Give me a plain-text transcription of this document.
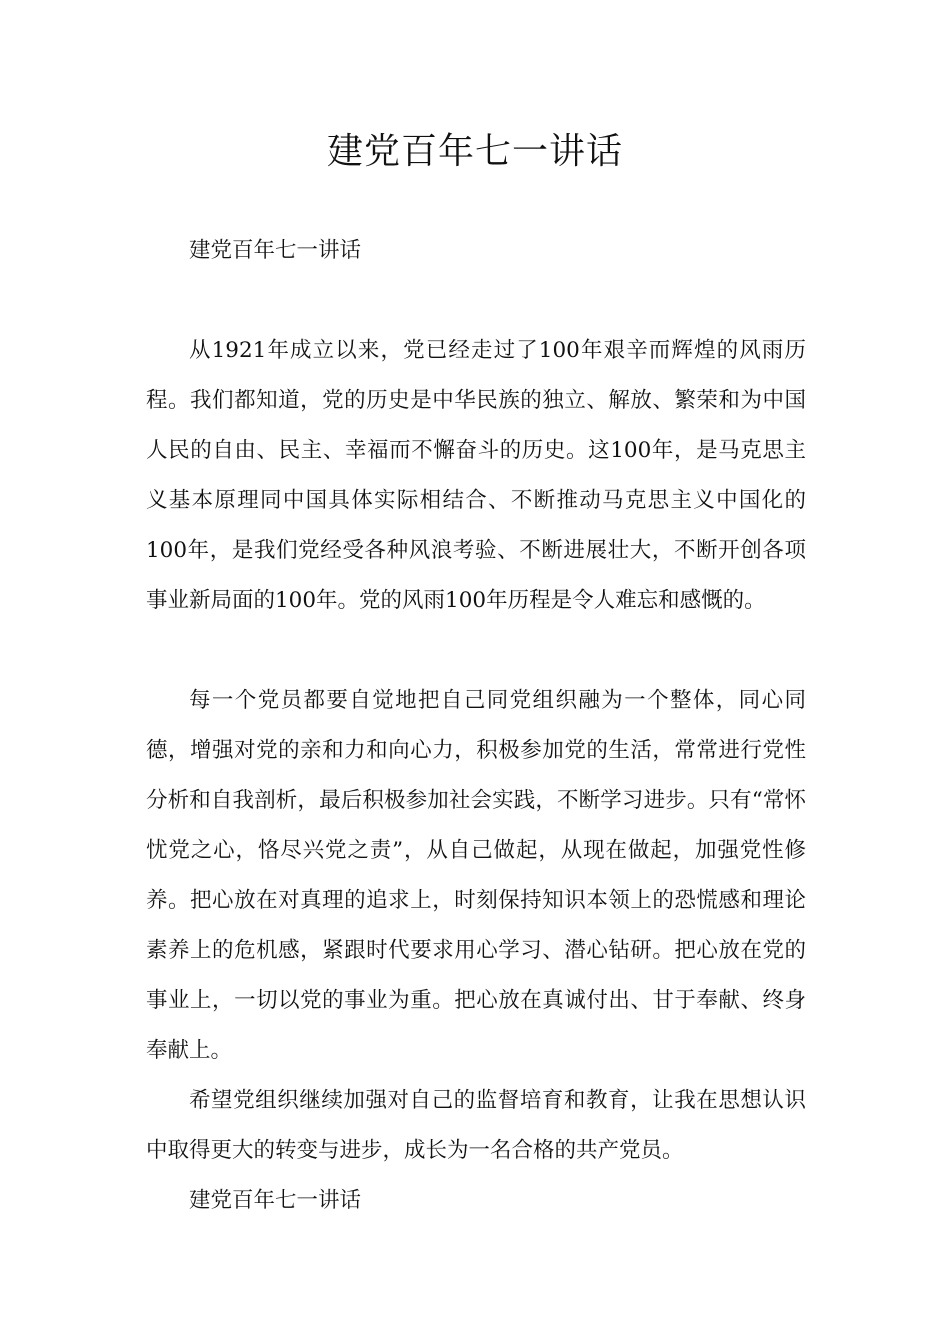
建党百年七一讲话

建党百年七一讲话

从1921年成立以来，党已经走过了100年艰辛而辉煌的风雨历程。我们都知道，党的历史是中华民族的独立、解放、繁荣和为中国人民的自由、民主、幸福而不懈奋斗的历史。这100年，是马克思主义基本原理同中国具体实际相结合、不断推动马克思主义中国化的100年，是我们党经受各种风浪考验、不断进展壮大，不断开创各项事业新局面的100年。党的风雨100年历程是令人难忘和感慨的。

每一个党员都要自觉地把自己同党组织融为一个整体，同心同德，增强对党的亲和力和向心力，积极参加党的生活，常常进行党性分析和自我剖析，最后积极参加社会实践，不断学习进步。只有“常怀忧党之心，恪尽兴党之责”，从自己做起，从现在做起，加强党性修养。把心放在对真理的追求上，时刻保持知识本领上的恐慌感和理论素养上的危机感，紧跟时代要求用心学习、潜心钻研。把心放在党的事业上，一切以党的事业为重。把心放在真诚付出、甘于奉献、终身奉献上。

希望党组织继续加强对自己的监督培育和教育，让我在思想认识中取得更大的转变与进步，成长为一名合格的共产党员。

建党百年七一讲话
